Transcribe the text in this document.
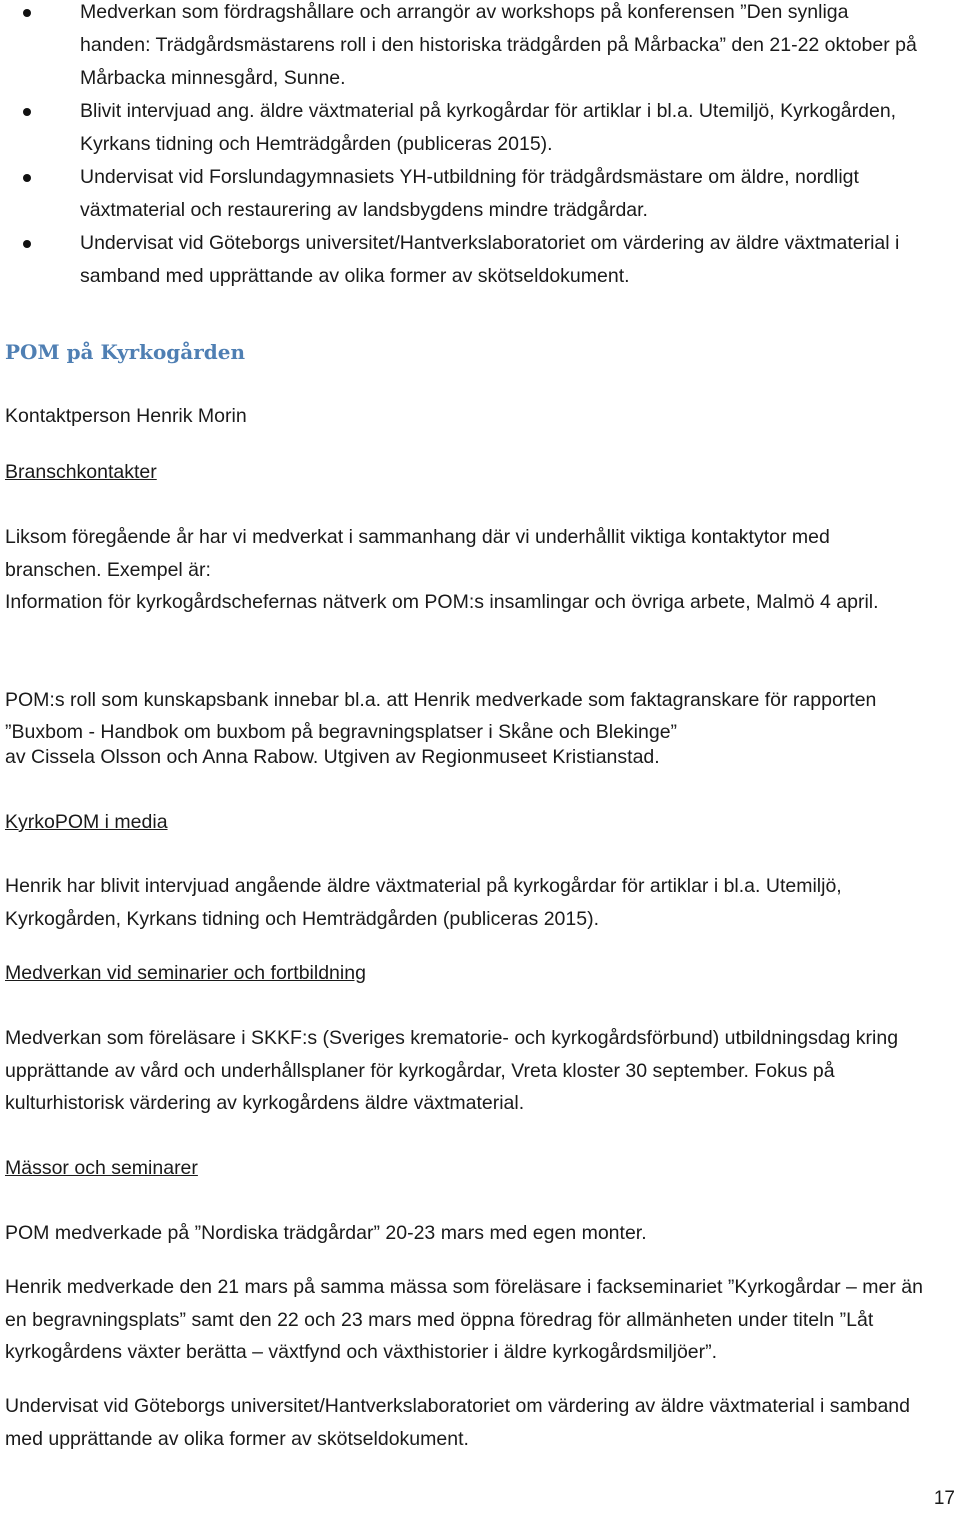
Medverkan som fördragshållare och arrangör av workshops på konferensen ”Den synliga handen: Trädgårdsmästarens roll i den historiska trädgården på Mårbacka” den 21-22 oktober på Mårbacka minnesgård, Sunne.
Blivit intervjuad ang. äldre växtmaterial på kyrkogårdar för artiklar i bl.a. Utemiljö, Kyrkogården, Kyrkans tidning och Hemträdgården (publiceras 2015).
Undervisat vid Forslundagymnasiets YH-utbildning för trädgårdsmästare om äldre, nordligt växtmaterial och restaurering av landsbygdens mindre trädgårdar.
Undervisat vid Göteborgs universitet/Hantverkslaboratoriet om värdering av äldre växtmaterial i samband med upprättande av olika former av skötseldokument.
POM på Kyrkogården

Kontaktperson Henrik Morin

Branschkontakter

Liksom föregående år har vi medverkat i sammanhang där vi underhållit viktiga kontaktytor med branschen. Exempel är:

Information för kyrkogårdschefernas nätverk om POM:s insamlingar och övriga arbete, Malmö 4 april.

POM:s roll som kunskapsbank innebar bl.a. att Henrik medverkade som faktagranskare för rapporten

”Buxbom - Handbok om buxbom på begravningsplatser i Skåne och Blekinge”

av Cissela Olsson och Anna Rabow. Utgiven av Regionmuseet Kristianstad.

KyrkoPOM i media

Henrik har blivit intervjuad angående äldre växtmaterial på kyrkogårdar för artiklar i bl.a. Utemiljö, Kyrkogården, Kyrkans tidning och Hemträdgården (publiceras 2015).

Medverkan vid seminarier och fortbildning

Medverkan som föreläsare i SKKF:s (Sveriges krematorie- och kyrkogårdsförbund) utbildningsdag kring upprättande av vård och underhållsplaner för kyrkogårdar, Vreta kloster 30 september. Fokus på kulturhistorisk värdering av kyrkogårdens äldre växtmaterial.

Mässor och seminarer

POM medverkade på ”Nordiska trädgårdar” 20-23 mars med egen monter.

Henrik medverkade den 21 mars på samma mässa som föreläsare i fackseminariet ”Kyrkogårdar – mer än en begravningsplats” samt den 22 och 23 mars med öppna föredrag för allmänheten under titeln ”Låt kyrkogårdens växter berätta – växtfynd och växthistorier i äldre kyrkogårdsmiljöer”.

Undervisat vid Göteborgs universitet/Hantverkslaboratoriet om värdering av äldre växtmaterial i samband med upprättande av olika former av skötseldokument.

17
